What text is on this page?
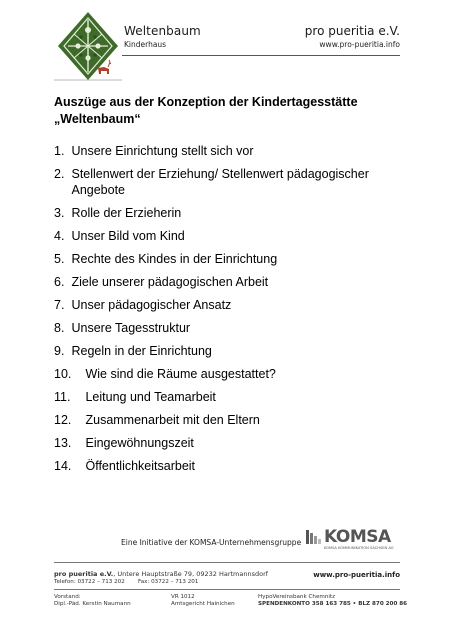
Weltenbaum
Kinderhaus
pro pueritia e.V.
www.pro-pueritia.info
Auszüge aus der Konzeption der Kindertagesstätte
„Weltenbaum“
1. Unsere Einrichtung stellt sich vor
2. Stellenwert der Erziehung/ Stellenwert pädagogischer Angebote
3. Rolle der Erzieherin
4. Unser Bild vom Kind
5. Rechte des Kindes in der Einrichtung
6. Ziele unserer pädagogischen Arbeit
7. Unser pädagogischer Ansatz
8. Unsere Tagesstruktur
9. Regeln in der Einrichtung
10. Wie sind die Räume ausgestattet?
11. Leitung und Teamarbeit
12. Zusammenarbeit mit den Eltern
13. Eingewöhnungszeit
14. Öffentlichkeitsarbeit
Eine Initiative der KOMSA-Unternehmensgruppe KOMSA
KOMSA KOMMUNIKATION SACHSEN AG
pro pueritia e.V., Untere Hauptstraße 79, 09232 Hartmannsdorf	www.pro-pueritia.info
Telefon: 03722 – 713 202 Fax: 03722 – 713 201
Vorstand:
Dipl.-Päd. Kerstin Naumann
VR 1012
Amtsgericht Hainichen
HypoVereinsbank Chemnitz
SPENDENKONTO 358 163 785 • BLZ 870 200 86
